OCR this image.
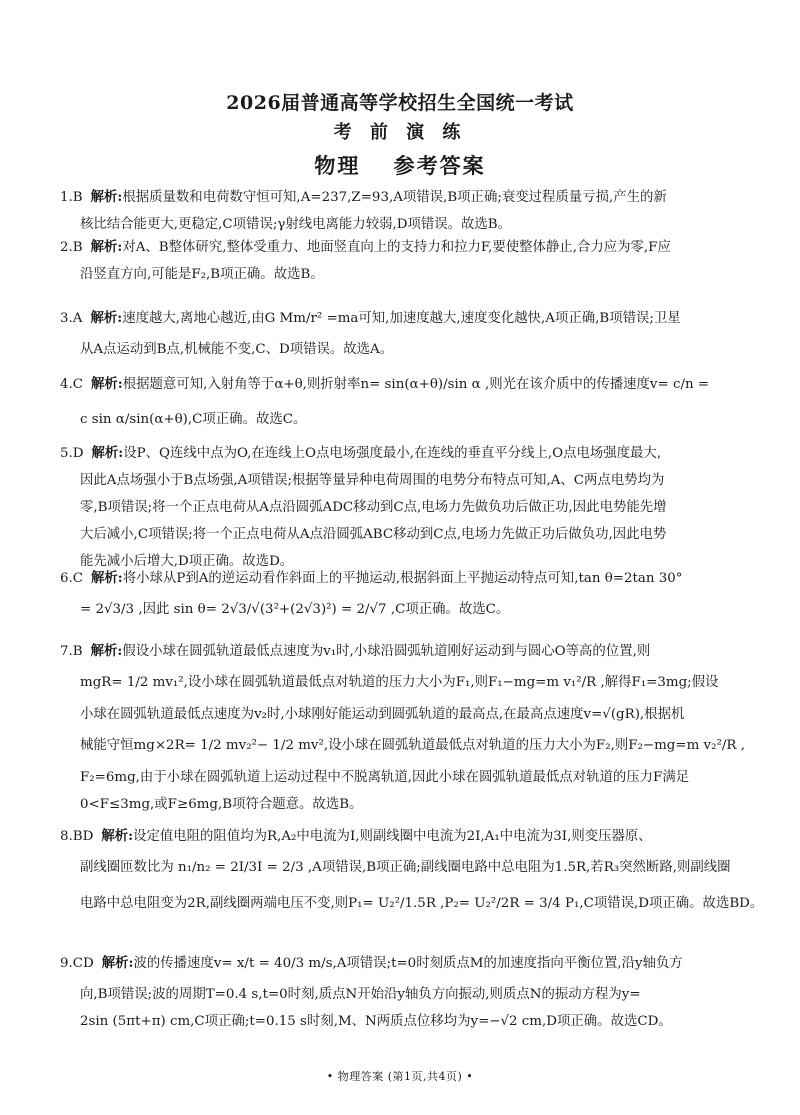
2026届普通高等学校招生全国统一考试
考 前 演 练
物理 参考答案
1.B 解析:根据质量数和电荷数守恒可知,A=237,Z=93,A项错误,B项正确;衰变过程质量亏损,产生的新
核比结合能更大,更稳定,C项错误;γ射线电离能力较弱,D项错误。故选B。
2.B 解析:对A、B整体研究,整体受重力、地面竖直向上的支持力和拉力F,要使整体静止,合力应为零,F应
沿竖直方向,可能是F₂,B项正确。故选B。
3.A 解析:速度越大,离地心越近,由G Mm/r² =ma可知,加速度越大,速度变化越快,A项正确,B项错误;卫星
从A点运动到B点,机械能不变,C、D项错误。故选A。
4.C 解析:根据题意可知,入射角等于α+θ,则折射率n= sin(α+θ)/sin α ,则光在该介质中的传播速度v= c/n =
c sin α/sin(α+θ),C项正确。故选C。
5.D 解析:设P、Q连线中点为O,在连线上O点电场强度最小,在连线的垂直平分线上,O点电场强度最大,
因此A点场强小于B点场强,A项错误;根据等量异种电荷周围的电势分布特点可知,A、C两点电势均为
零,B项错误;将一个正点电荷从A点沿圆弧ADC移动到C点,电场力先做负功后做正功,因此电势能先增
大后减小,C项错误;将一个正点电荷从A点沿圆弧ABC移动到C点,电场力先做正功后做负功,因此电势
能先减小后增大,D项正确。故选D。
6.C 解析:将小球从P到A的逆运动看作斜面上的平抛运动,根据斜面上平抛运动特点可知,tan θ=2tan 30°
= 2√3/3 ,因此 sin θ= 2√3/√(3²+(2√3)²) = 2/√7 ,C项正确。故选C。
7.B 解析:假设小球在圆弧轨道最低点速度为v₁时,小球沿圆弧轨道刚好运动到与圆心O等高的位置,则
mgR= 1/2 mv₁²,设小球在圆弧轨道最低点对轨道的压力大小为F₁,则F₁−mg=m v₁²/R ,解得F₁=3mg;假设
小球在圆弧轨道最低点速度为v₂时,小球刚好能运动到圆弧轨道的最高点,在最高点速度v=√(gR),根据机
械能守恒mg×2R= 1/2 mv₂²− 1/2 mv²,设小球在圆弧轨道最低点对轨道的压力大小为F₂,则F₂−mg=m v₂²/R ,
F₂=6mg,由于小球在圆弧轨道上运动过程中不脱离轨道,因此小球在圆弧轨道最低点对轨道的压力F满足
0<F≤3mg,或F≥6mg,B项符合题意。故选B。
8.BD 解析:设定值电阻的阻值均为R,A₂中电流为I,则副线圈中电流为2I,A₁中电流为3I,则变压器原、
副线圈匝数比为 n₁/n₂ = 2I/3I = 2/3 ,A项错误,B项正确;副线圈电路中总电阻为1.5R,若R₃突然断路,则副线圈
电路中总电阻变为2R,副线圈两端电压不变,则P₁= U₂²/1.5R ,P₂= U₂²/2R = 3/4 P₁,C项错误,D项正确。故选BD。
9.CD 解析:波的传播速度v= x/t = 40/3 m/s,A项错误;t=0时刻质点M的加速度指向平衡位置,沿y轴负方
向,B项错误;波的周期T=0.4 s,t=0时刻,质点N开始沿y轴负方向振动,则质点N的振动方程为y=
2sin (5πt+π) cm,C项正确;t=0.15 s时刻,M、N两质点位移均为y=−√2 cm,D项正确。故选CD。
• 物理答案 (第1页,共4页) •
